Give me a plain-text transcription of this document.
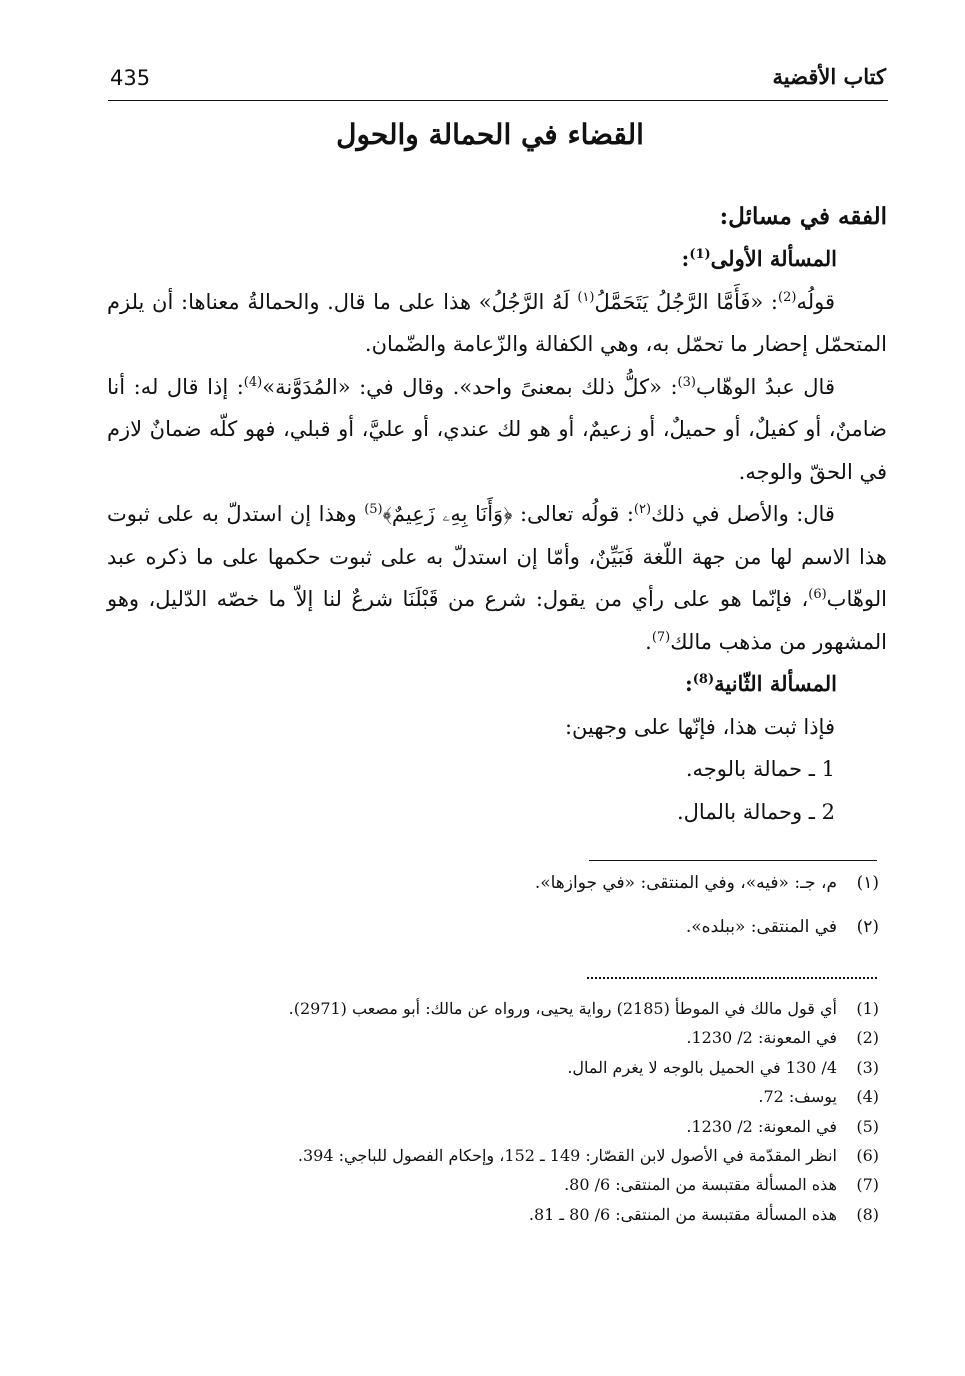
كتاب الأقضية
435
القضاء في الحمالة والحول

الفقه في مسائل:

المسألة الأولى$^{(1)}$:

قولُه$^{(2)}$: «فَأَمَّا الرَّجُلُ يَتَحَمَّلُ$^{(١)}$ لَهُ الرَّجُلُ» هذا على ما قال. والحمالةُ معناها: أن يلزم المتحمّل إحضار ما تحمّل به، وهي الكفالة والزّعامة والضّمان.

قال عبدُ الوهّاب$^{(3)}$: «كلُّ ذلك بمعنىً واحد». وقال في: «المُدَوَّنة»$^{(4)}$: إذا قال له: أنا ضامنٌ، أو كفيلٌ، أو حميلٌ، أو زعيمٌ، أو هو لك عندي، أو عليَّ، أو قبلي، فهو كلّه ضمانٌ لازم في الحقّ والوجه.

قال: والأصل في ذلك$^{(٢)}$: قولُه تعالى: ﴿وَأَنَا بِهِۦ زَعِيمٌ﴾$^{(5)}$ وهذا إن استدلّ به على ثبوت هذا الاسم لها من جهة اللّغة فَبَيِّنٌ، وأمّا إن استدلّ به على ثبوت حكمها على ما ذكره عبد الوهّاب$^{(6)}$، فإنّما هو على رأي من يقول: شرع من قَبْلَنَا شرعٌ لنا إلاّ ما خصّه الدّليل، وهو المشهور من مذهب مالك$^{(7)}$.

المسألة الثّانية$^{(8)}$:

فإذا ثبت هذا، فإنّها على وجهين:

1 ـ حمالة بالوجه.

2 ـ وحمالة بالمال.

(١)
م، جـ: «فيه»، وفي المنتقى: «في جوازها».
(٢)
في المنتقى: «ببلده».
(1)
أي قول مالك في الموطأ (2185) رواية يحيى، ورواه عن مالك: أبو مصعب (2971).
(2)
في المعونة: 2/ 1230.
(3)
4/ 130 في الحميل بالوجه لا يغرم المال.
(4)
يوسف: 72.
(5)
في المعونة: 2/ 1230.
(6)
انظر المقدّمة في الأصول لابن القصّار: 149 ـ 152، وإحكام الفصول للباجي: 394.
(7)
هذه المسألة مقتبسة من المنتقى: 6/ 80.
(8)
هذه المسألة مقتبسة من المنتقى: 6/ 80 ـ 81.
